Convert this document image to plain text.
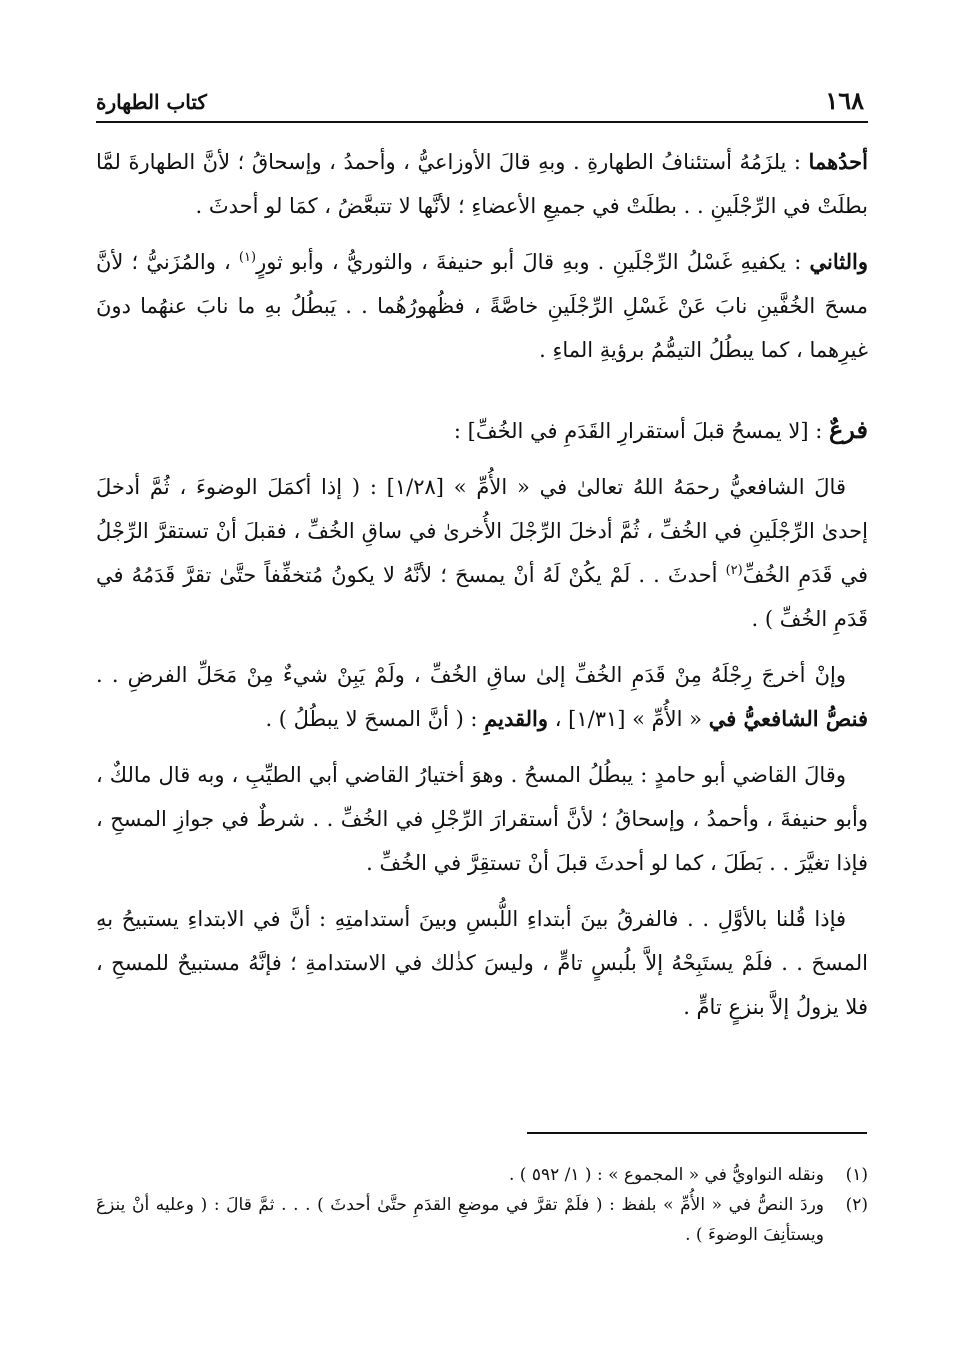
١٦٨
كتاب الطهارة

أحدُهما : يلزَمُهُ أستئنافُ الطهارةِ . وبهِ قالَ الأوزاعيُّ ، وأحمدُ ، وإسحاقُ ؛ لأنَّ الطهارةَ لمَّا بطلَتْ في الرِّجْلَينِ . . بطلَتْ في جميعِ الأعضاءِ ؛ لأنَّها لا تتبعَّضُ ، كمَا لو أحدثَ .

والثاني : يكفيهِ غَسْلُ الرِّجْلَينِ . وبهِ قالَ أبو حنيفةَ ، والثوريُّ ، وأبو ثورٍ$^{(١)}$ ، والمُزَنيُّ ؛ لأنَّ مسحَ الخُفَّينِ نابَ عَنْ غَسْلِ الرِّجْلَينِ خاصَّةً ، فظُهورُهُما . . يَبطُلُ بهِ ما نابَ عنهُما دونَ غيرِهما ، كما يبطُلُ التيمُّمُ برؤيةِ الماءِ .

فرعٌ : [لا يمسحُ قبلَ أستقرارِ القَدَمِ في الخُفِّ] :

قالَ الشافعيُّ رحمَهُ اللهُ تعالىٰ في « الأُمِّ » [١/٢٨] : ( إذا أكمَلَ الوضوءَ ، ثُمَّ أدخلَ إحدىٰ الرِّجْلَينِ في الخُفِّ ، ثُمَّ أدخلَ الرِّجْلَ الأُخرىٰ في ساقِ الخُفِّ ، فقبلَ أنْ تستقرَّ الرِّجْلُ في قَدَمِ الخُفِّ$^{(٢)}$ أحدثَ . . لَمْ يكُنْ لَهُ أنْ يمسحَ ؛ لأنَّهُ لا يكونُ مُتخفِّفاً حتَّىٰ تقرَّ قَدَمُهُ في قَدَمِ الخُفِّ ) .

وإنْ أخرجَ رِجْلَهُ مِنْ قَدَمِ الخُفِّ إلىٰ ساقِ الخُفِّ ، ولَمْ يَبِنْ شيءٌ مِنْ مَحَلِّ الفرضِ . . فنصُّ الشافعيُّ في « الأُمِّ » [١/٣١] ، والقديمِ : ( أنَّ المسحَ لا يبطُلُ ) .

وقالَ القاضي أبو حامدٍ : يبطُلُ المسحُ . وهوَ أختيارُ القاضي أبي الطيِّبِ ، وبه قال مالكٌ ، وأبو حنيفةَ ، وأحمدُ ، وإسحاقُ ؛ لأنَّ أستقرارَ الرِّجْلِ في الخُفِّ . . شرطٌ في جوازِ المسحِ ، فإذا تغيَّرَ . . بَطَلَ ، كما لو أحدثَ قبلَ أنْ تستقِرَّ في الخُفِّ .

فإذا قُلنا بالأوَّلِ . . فالفرقُ بينَ أبتداءِ اللُّبسِ وبينَ أستدامتِهِ : أنَّ في الابتداءِ يستبيحُ بهِ المسحَ . . فلَمْ يستَبِحْهُ إلاَّ بلُبسٍ تامٍّ ، وليسَ كذٰلك في الاستدامةِ ؛ فإنَّهُ مستبيحٌ للمسحِ ، فلا يزولُ إلاَّ بنزعٍ تامٍّ .

(١)
ونقله النواويُّ في « المجموع » : ( ١/ ٥٩٢ ) .
(٢)
وردَ النصُّ في « الأُمِّ » بلفظ : ( فلَمْ تقرَّ في موضعِ القدَمِ حتَّىٰ أحدثَ ) . . . ثمَّ قالَ : ( وعليه أنْ ينزعَ ويستأنِفَ الوضوءَ ) .
